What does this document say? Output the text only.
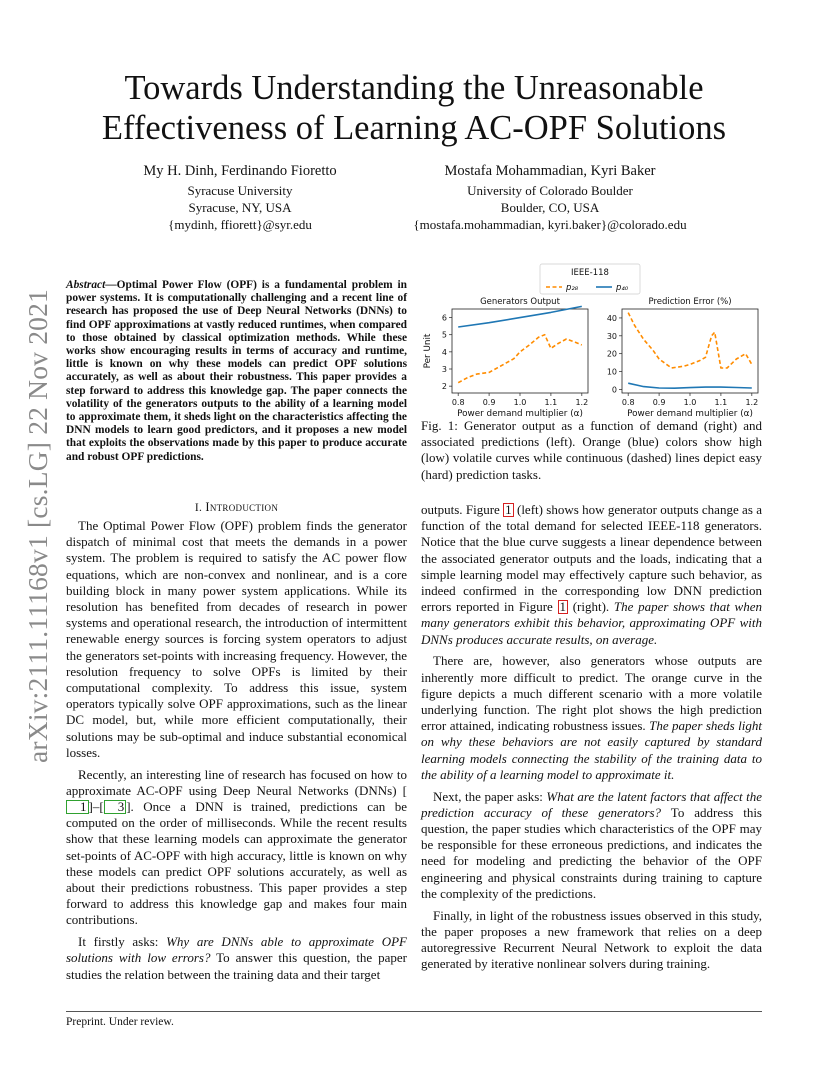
arXiv:2111.11168v1 [cs.LG] 22 Nov 2021
Towards Understanding the Unreasonable
Effectiveness of Learning AC-OPF Solutions
My H. Dinh, Ferdinando Fioretto
Syracuse University
Syracuse, NY, USA
{mydinh, ffiorett}@syr.edu
Mostafa Mohammadian, Kyri Baker
University of Colorado Boulder
Boulder, CO, USA
{mostafa.mohammadian, kyri.baker}@colorado.edu
Abstract—Optimal Power Flow (OPF) is a fundamental problem in power systems. It is computationally challenging and a recent line of research has proposed the use of Deep Neural Networks (DNNs) to find OPF approximations at vastly reduced runtimes, when compared to those obtained by classical optimization methods. While these works show encouraging results in terms of accuracy and runtime, little is known on why these models can predict OPF solutions accurately, as well as about their robustness. This paper provides a step forward to address this knowledge gap. The paper connects the volatility of the generators outputs to the ability of a learning model to approximate them, it sheds light on the characteristics affecting the DNN models to learn good predictors, and it proposes a new model that exploits the observations made by this paper to produce accurate and robust OPF predictions.
I. Introduction

The Optimal Power Flow (OPF) problem finds the generator dispatch of minimal cost that meets the demands in a power system. The problem is required to satisfy the AC power flow equations, which are non-convex and nonlinear, and is a core building block in many power system applications. While its resolution has benefited from decades of research in power systems and operational research, the introduction of intermittent renewable energy sources is forcing system operators to adjust the generators set-points with increasing frequency. However, the resolution frequency to solve OPFs is limited by their computational complexity. To address this issue, system operators typically solve OPF approximations, such as the linear DC model, but, while more efficient computationally, their solutions may be sub-optimal and induce substantial economical losses.

Recently, an interesting line of research has focused on how to approximate AC-OPF using Deep Neural Networks (DNNs) [1 ]–[ 3 ]. Once a DNN is trained, predictions can be computed on the order of milliseconds. While the recent results show that these learning models can approximate the generator set-points of AC-OPF with high accuracy, little is known on why these models can predict OPF solutions accurately, as well as about their predictions robustness. This paper provides a step forward to address this knowledge gap and makes four main contributions.

It firstly asks: Why are DNNs able to approximate OPF solutions with low errors? To answer this question, the paper studies the relation between the training data and their target

Generators Output
0.8 0.9 1.0 1.1 1.2
2
3
4
5
6
Power demand multiplier (α)
Per Unit
Prediction Error (%)
0.8 0.9 1.0 1.1 1.2
0
10
20
30
40
Power demand multiplier (α)
IEEE-118
p₂₈	p₄₀
Fig. 1: Generator output as a function of demand (right) and associated predictions (left). Orange (blue) colors show high (low) volatile curves while continuous (dashed) lines depict easy (hard) prediction tasks.

outputs. Figure 1 (left) shows how generator outputs change as a function of the total demand for selected IEEE-118 generators. Notice that the blue curve suggests a linear dependence between the associated generator outputs and the loads, indicating that a simple learning model may effectively capture such behavior, as indeed confirmed in the corresponding low DNN prediction errors reported in Figure 1 (right). The paper shows that when many generators exhibit this behavior, approximating OPF with DNNs produces accurate results, on average.

There are, however, also generators whose outputs are inherently more difficult to predict. The orange curve in the figure depicts a much different scenario with a more volatile underlying function. The right plot shows the high prediction error attained, indicating robustness issues. The paper sheds light on why these behaviors are not easily captured by standard learning models connecting the stability of the training data to the ability of a learning model to approximate it.

Next, the paper asks: What are the latent factors that affect the prediction accuracy of these generators? To address this question, the paper studies which characteristics of the OPF may be responsible for these erroneous predictions, and indicates the need for modeling and predicting the behavior of the OPF engineering and physical constraints during training to capture the complexity of the predictions.

Finally, in light of the robustness issues observed in this study, the paper proposes a new framework that relies on a deep autoregressive Recurrent Neural Network to exploit the data generated by iterative nonlinear solvers during training.

Preprint. Under review.
